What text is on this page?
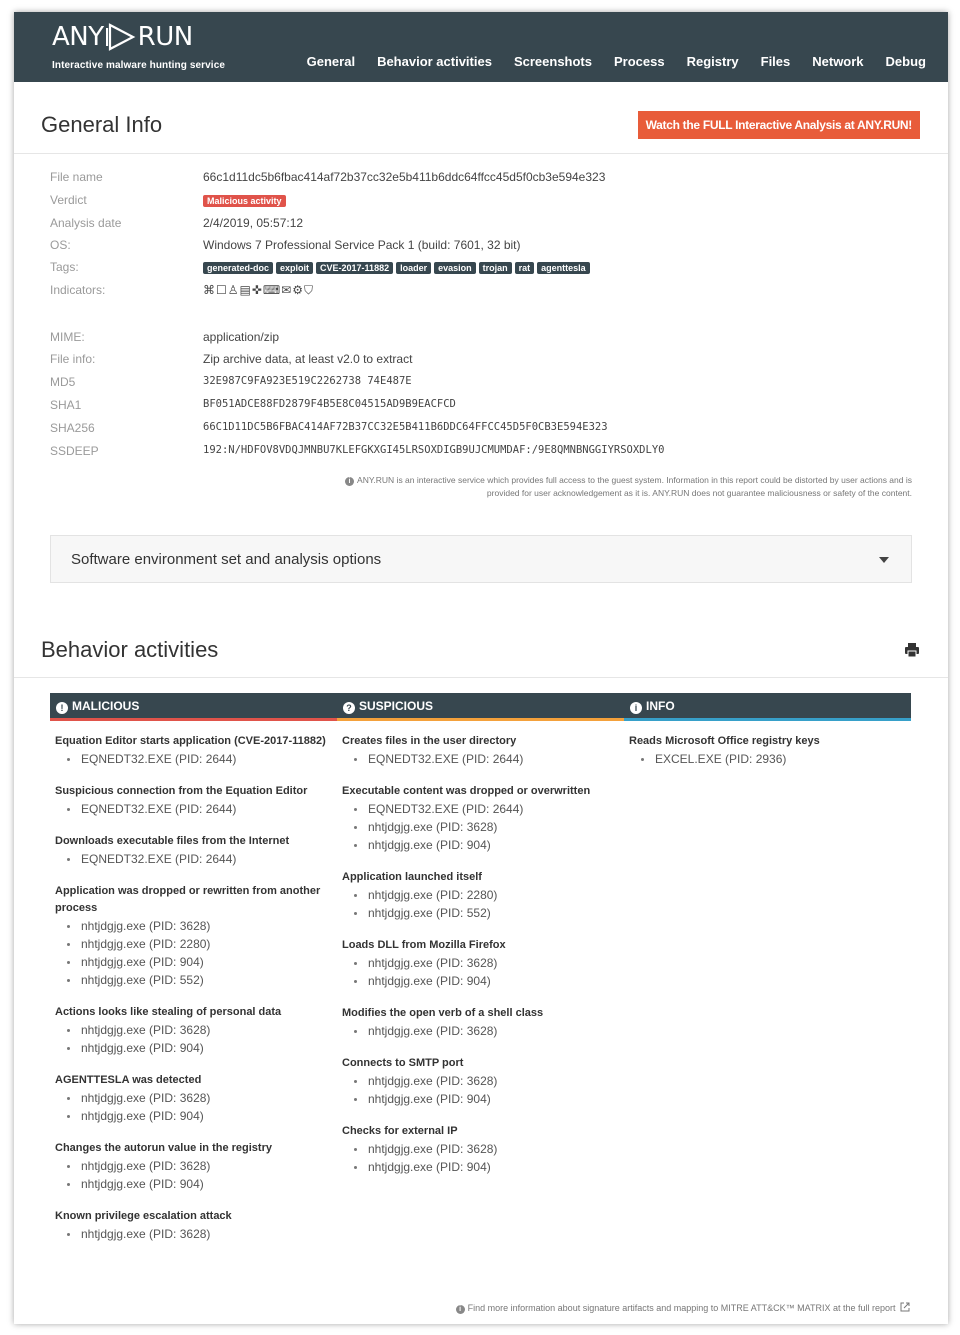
ANY RUN
Interactive malware hunting service	General Behavior activities Screenshots Process Registry Files Network Debug
General Info	Watch the FULL Interactive Analysis at ANY.RUN!
File name	66c1d11dc5b6fbac414af72b37cc32e5b411b6ddc64ffcc45d5f0cb3e594e323
Verdict	Malicious activity
Analysis date	2/4/2019, 05:57:12
OS:	Windows 7 Professional Service Pack 1 (build: 7601, 32 bit)
Tags:	generated-doc exploit CVE-2017-11882 loader evasion trojan rat agenttesla
Indicators:	⌘☐♙▤✜⌨✉⚙⛉
MIME:	application/zip
File info:	Zip archive data, at least v2.0 to extract
MD5	32E987C9FA923E519C2262738 74E487E
SHA1	BF051ADCE88FD2879F4B5E8C04515AD9B9EACFCD
SHA256	66C1D11DC5B6FBAC414AF72B37CC32E5B411B6DDC64FFCC45D5F0CB3E594E323
SSDEEP	192:N/HDFOV8VDQJMNBU7KLEFGKXGI45LRSOXDIGB9UJCMUMDAF:/9E8QMNBNGGIYRSOXDLY0
i ANY.RUN is an interactive service which provides full access to the guest system. Information in this report could be distorted by user actions and is provided for user acknowledgement as it is. ANY.RUN does not guarantee maliciousness or safety of the content.
Software environment set and analysis options
Behavior activities
! MALICIOUS
Equation Editor starts application (CVE-2017-11882)
EQNEDT32.EXE (PID: 2644)
Suspicious connection from the Equation Editor
EQNEDT32.EXE (PID: 2644)
Downloads executable files from the Internet
EQNEDT32.EXE (PID: 2644)
Application was dropped or rewritten from another process
nhtjdgjg.exe (PID: 3628)
nhtjdgjg.exe (PID: 2280)
nhtjdgjg.exe (PID: 904)
nhtjdgjg.exe (PID: 552)
Actions looks like stealing of personal data
nhtjdgjg.exe (PID: 3628)
nhtjdgjg.exe (PID: 904)
AGENTTESLA was detected
nhtjdgjg.exe (PID: 3628)
nhtjdgjg.exe (PID: 904)
Changes the autorun value in the registry
nhtjdgjg.exe (PID: 3628)
nhtjdgjg.exe (PID: 904)
Known privilege escalation attack
nhtjdgjg.exe (PID: 3628)
? SUSPICIOUS
Creates files in the user directory
EQNEDT32.EXE (PID: 2644)
Executable content was dropped or overwritten
EQNEDT32.EXE (PID: 2644)
nhtjdgjg.exe (PID: 3628)
nhtjdgjg.exe (PID: 904)
Application launched itself
nhtjdgjg.exe (PID: 2280)
nhtjdgjg.exe (PID: 552)
Loads DLL from Mozilla Firefox
nhtjdgjg.exe (PID: 3628)
nhtjdgjg.exe (PID: 904)
Modifies the open verb of a shell class
nhtjdgjg.exe (PID: 3628)
Connects to SMTP port
nhtjdgjg.exe (PID: 3628)
nhtjdgjg.exe (PID: 904)
Checks for external IP
nhtjdgjg.exe (PID: 3628)
nhtjdgjg.exe (PID: 904)
i INFO
Reads Microsoft Office registry keys
EXCEL.EXE (PID: 2936)
i Find more information about signature artifacts and mapping to MITRE ATT&CK™ MATRIX at the full report
